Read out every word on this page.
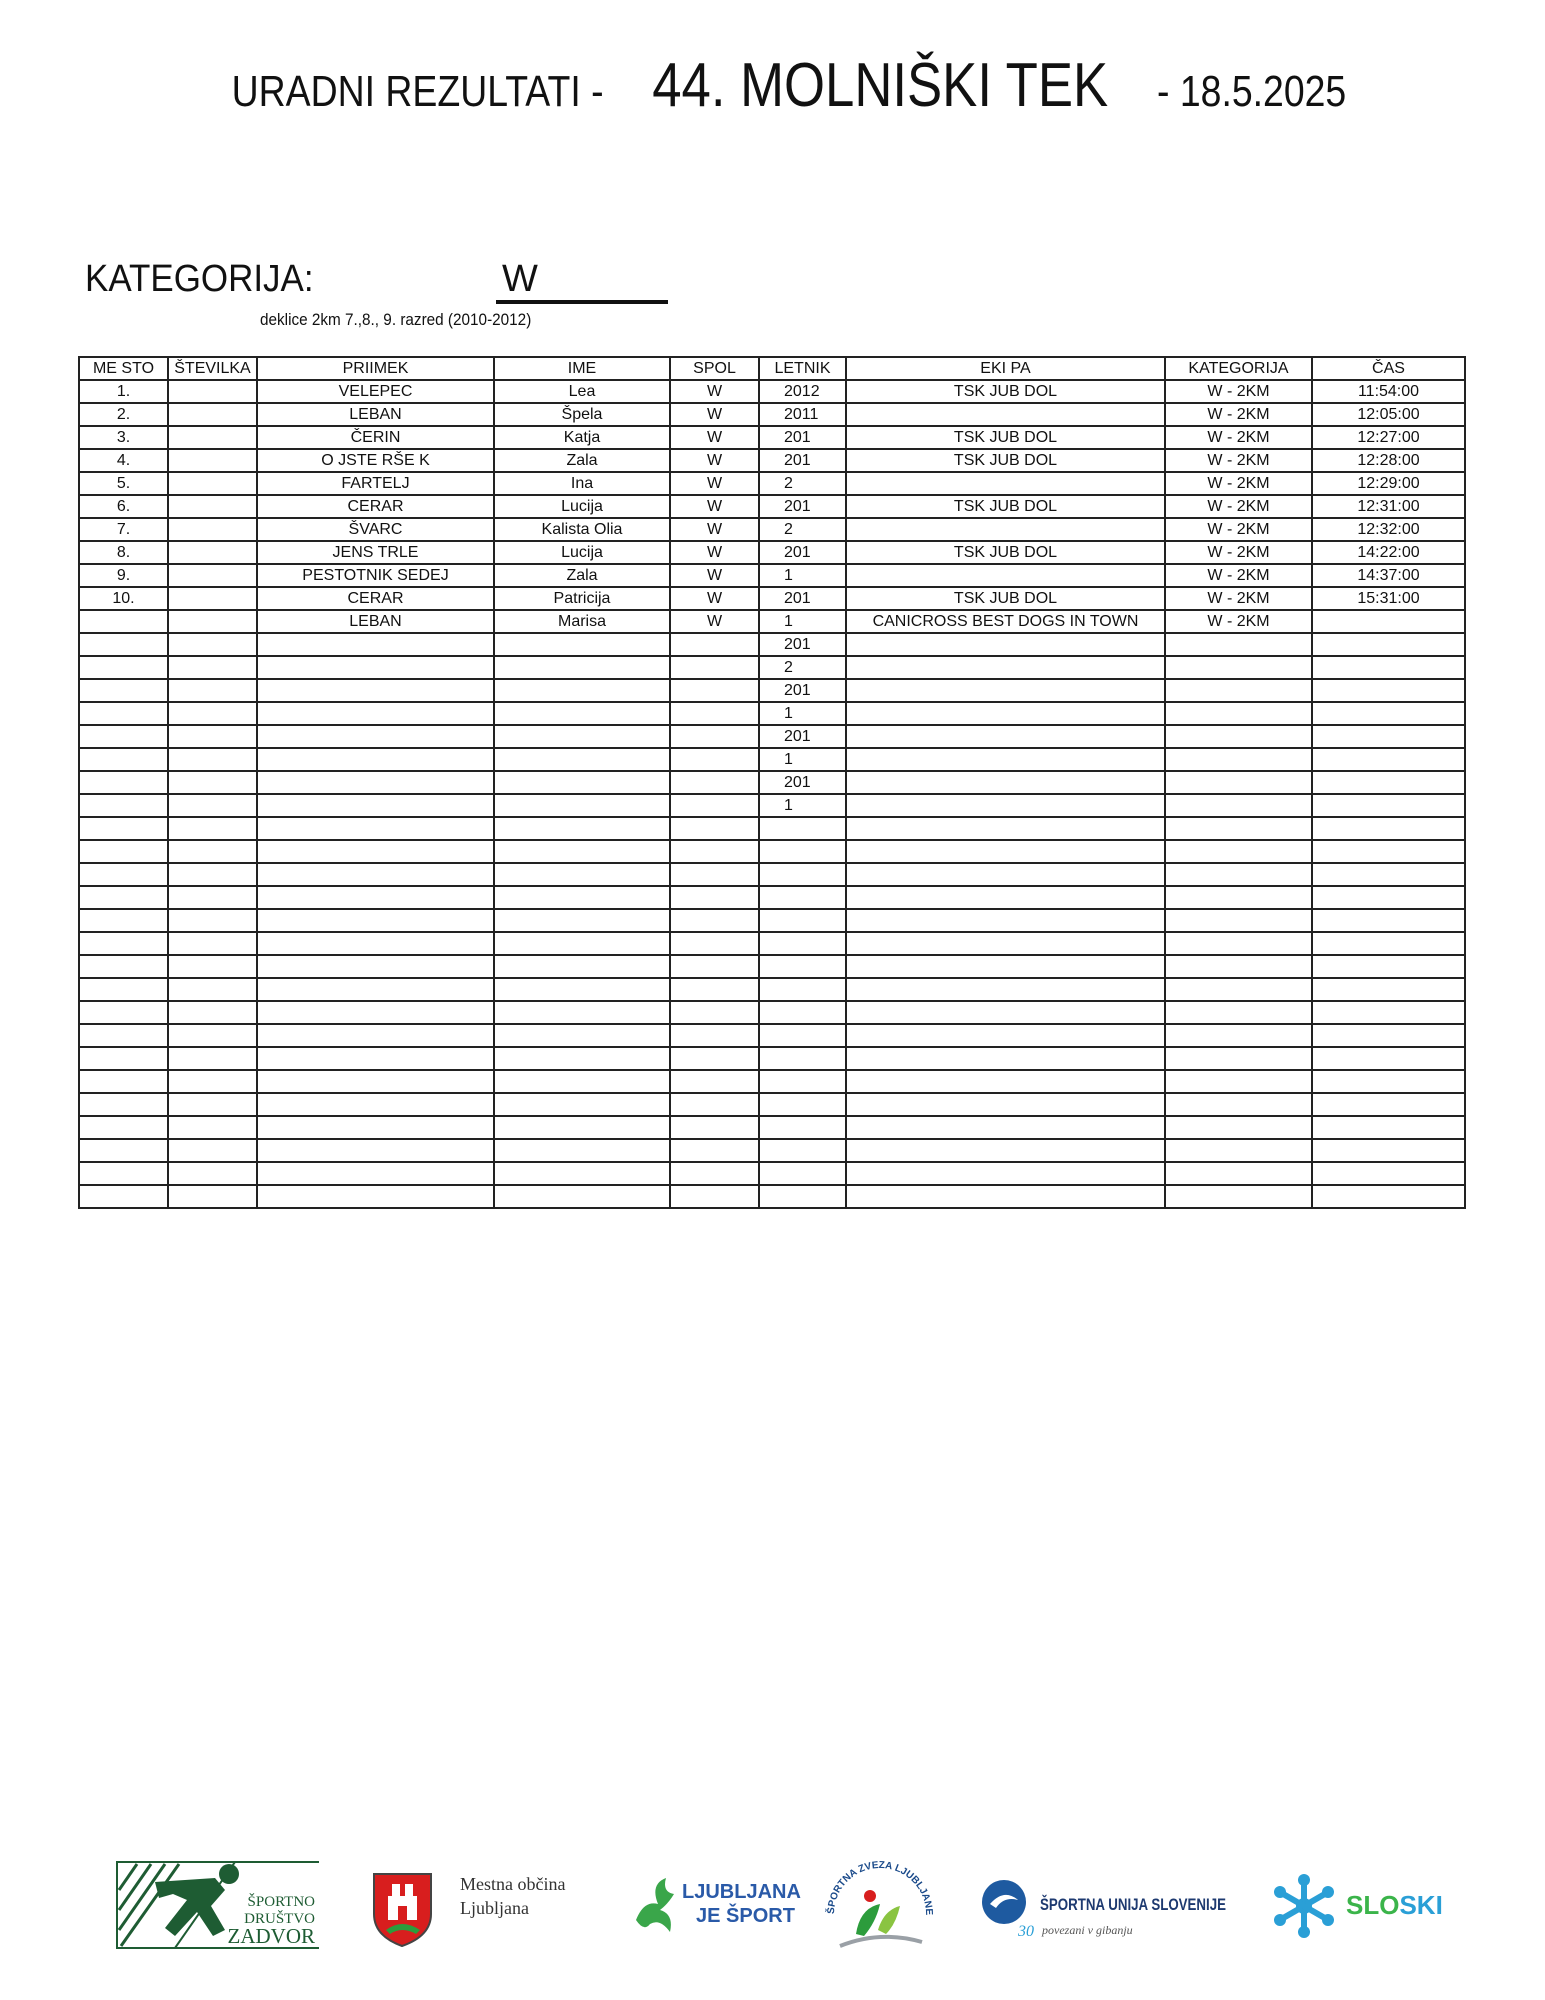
URADNI REZULTATI - 44. MOLNIŠKI TEK - 18.5.2025
KATEGORIJA:	W
deklice 2km 7.,8., 9. razred (2010-2012)
ME STO	ŠTEVILKA	PRIIMEK	IME	SPOL	LETNIK	EKI PA	KATEGORIJA	ČAS
1.		VELEPEC	Lea	W	2012	TSK JUB DOL	W - 2KM	11:54:00
2.		LEBAN	Špela	W	2011		W - 2KM	12:05:00
3.		ČERIN	Katja	W	201	TSK JUB DOL	W - 2KM	12:27:00
4.		O JSTE RŠE K	Zala	W	201	TSK JUB DOL	W - 2KM	12:28:00
5.		FARTELJ	Ina	W	2		W - 2KM	12:29:00
6.		CERAR	Lucija	W	201	TSK JUB DOL	W - 2KM	12:31:00
7.		ŠVARC	Kalista Olia	W	2		W - 2KM	12:32:00
8.		JENS TRLE	Lucija	W	201	TSK JUB DOL	W - 2KM	14:22:00
9.		PESTOTNIK SEDEJ	Zala	W	1		W - 2KM	14:37:00
10.		CERAR	Patricija	W	201	TSK JUB DOL	W - 2KM	15:31:00
		LEBAN	Marisa	W	1	CANICROSS BEST DOGS IN TOWN	W - 2KM	
					201			
					2			
					201			
					1			
					201			
					1			
					201			
					1			

ŠPORTNO
DRUŠTVO
ZADVOR
Mestna občina
Ljubljana
LJUBLJANA
JE ŠPORT	ŠPORTNA ZVEZA LJUBLJANE
30 povezani v gibanju
ŠPORTNA UNIJA SLOVENIJE	SLOSKI
